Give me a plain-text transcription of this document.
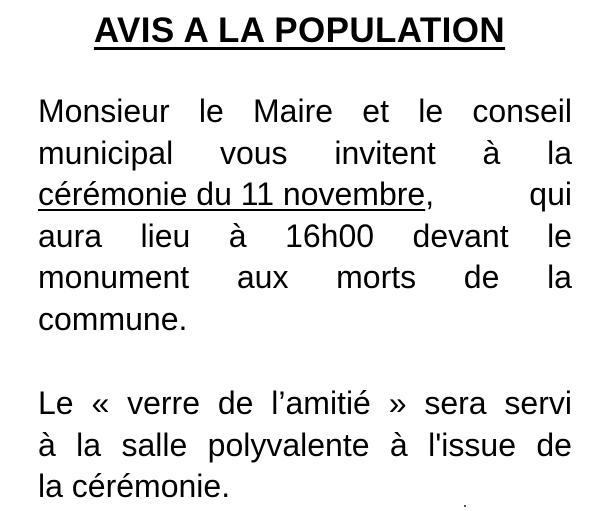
AVIS A LA POPULATION
Monsieur le Maire et le conseil
municipal vous invitent à la
cérémonie du 11 novembre,	qui
aura lieu à 16h00 devant le
monument aux morts de la
commune.
Le « verre de l’amitié » sera servi
à la salle polyvalente à l'issue de
la cérémonie.
